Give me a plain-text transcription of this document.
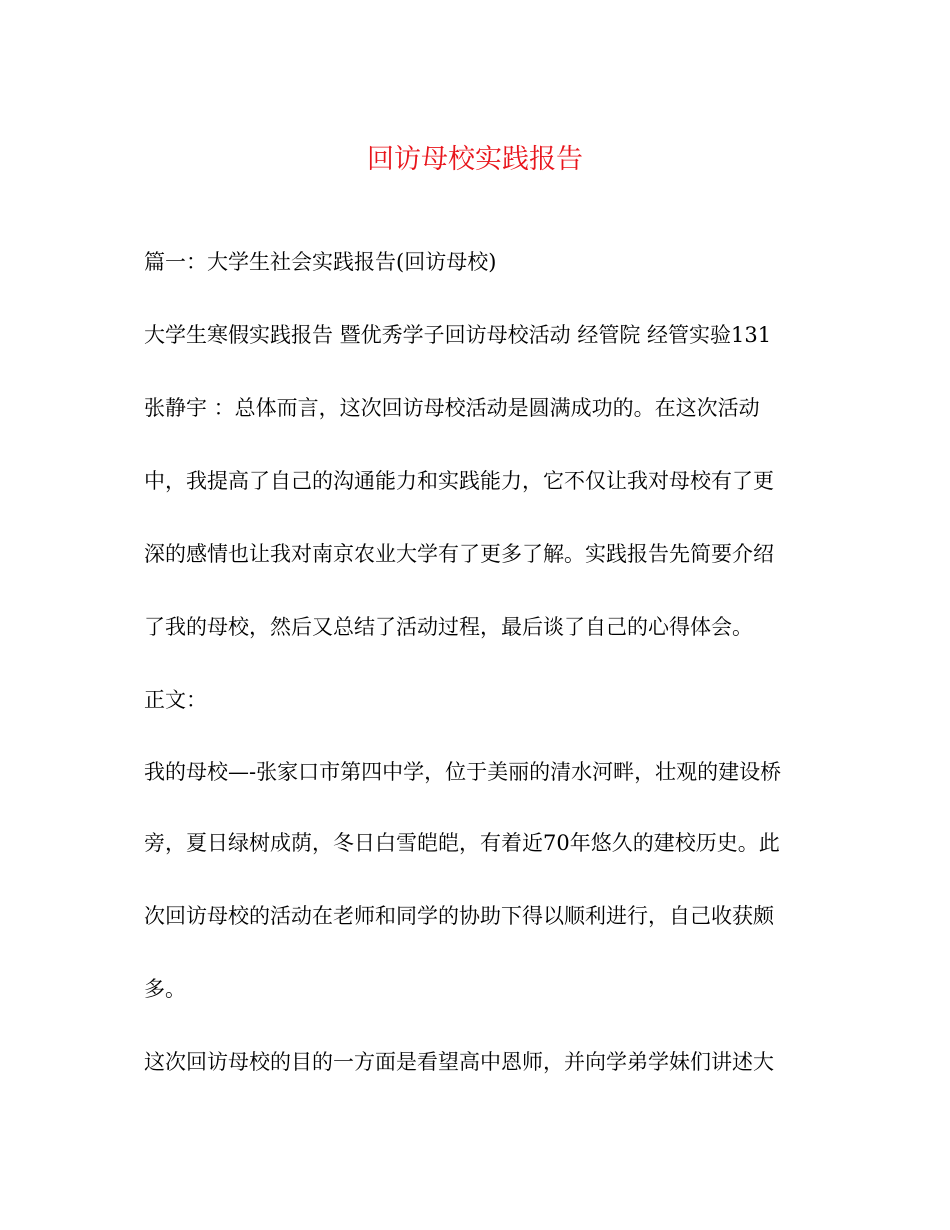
回访母校实践报告

篇一：大学生社会实践报告(回访母校)

大学生寒假实践报告 暨优秀学子回访母校活动 经管院 经管实验131

张静宇 ：总体而言，这次回访母校活动是圆满成功的。在这次活动

中，我提高了自己的沟通能力和实践能力，它不仅让我对母校有了更

深的感情也让我对南京农业大学有了更多了解。实践报告先简要介绍

了我的母校，然后又总结了活动过程，最后谈了自己的心得体会。

正文：

我的母校—-张家口市第四中学，位于美丽的清水河畔，壮观的建设桥

旁，夏日绿树成荫，冬日白雪皑皑，有着近70年悠久的建校历史。此

次回访母校的活动在老师和同学的协助下得以顺利进行，自己收获颇

多。

这次回访母校的目的一方面是看望高中恩师，并向学弟学妹们讲述大
